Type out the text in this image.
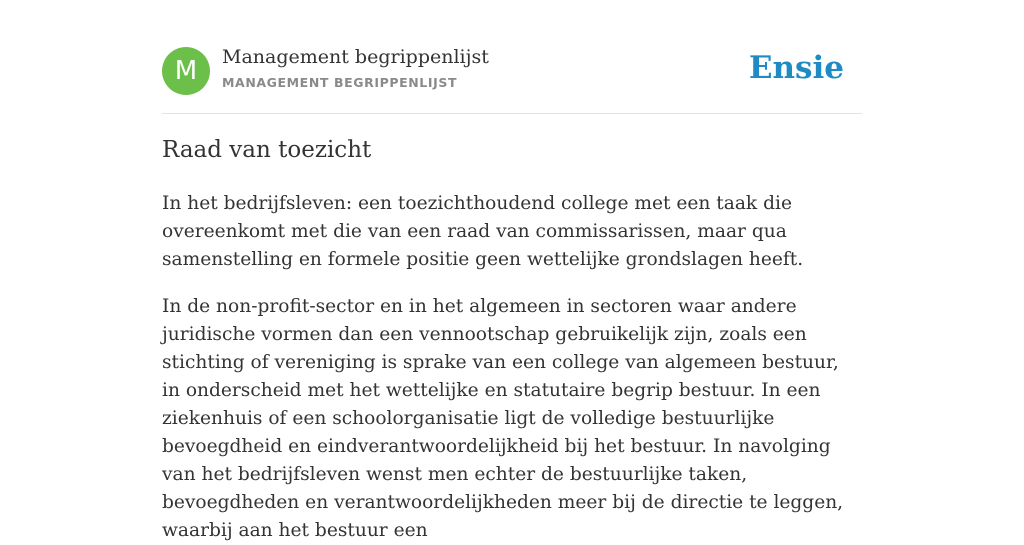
M	Management begrippenlijst
MANAGEMENT BEGRIPPENLIJST	Ensie
Raad van toezicht

In het bedrijfsleven: een toezichthoudend college met een taak die overeenkomt met die van een raad van commissarissen, maar qua samenstelling en formele positie geen wettelijke grondslagen heeft.

In de non-profit-sector en in het algemeen in sectoren waar andere juridische vormen dan een vennootschap gebruikelijk zijn, zoals een stichting of vereniging is sprake van een college van algemeen bestuur, in onderscheid met het wettelijke en statutaire begrip bestuur. In een ziekenhuis of een schoolorganisatie ligt de volledige bestuurlijke bevoegdheid en eindverantwoordelijkheid bij het bestuur. In navolging van het bedrijfsleven wenst men echter de bestuurlijke taken, bevoegdheden en verantwoordelijkheden meer bij de directie te leggen, waarbij aan het bestuur een
